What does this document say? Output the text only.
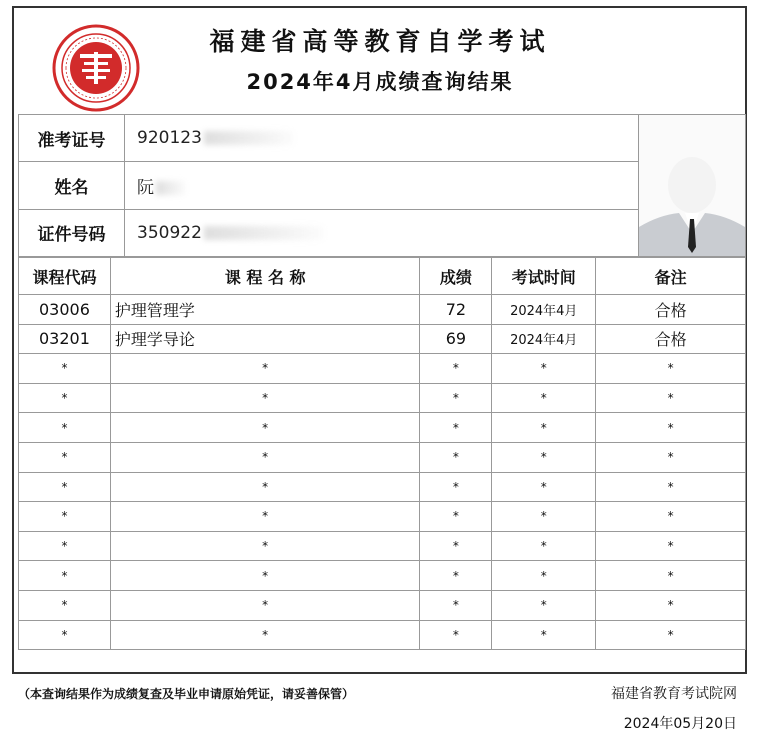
福建省高等教育自学考试
2024年4月成绩查询结果
准考证号	920123	

姓名	阮	
证件号码	350922	
课程代码	课 程 名 称	成绩	考试时间	备注
03006	护理管理学	72	2024年4月	合格
03201	护理学导论	69	2024年4月	合格
*	*	*	*	*
*	*	*	*	*
*	*	*	*	*
*	*	*	*	*
*	*	*	*	*
*	*	*	*	*
*	*	*	*	*
*	*	*	*	*
*	*	*	*	*
*	*	*	*	*
（本查询结果作为成绩复查及毕业申请原始凭证，请妥善保管）	福建省教育考试院网
2024年05月20日
